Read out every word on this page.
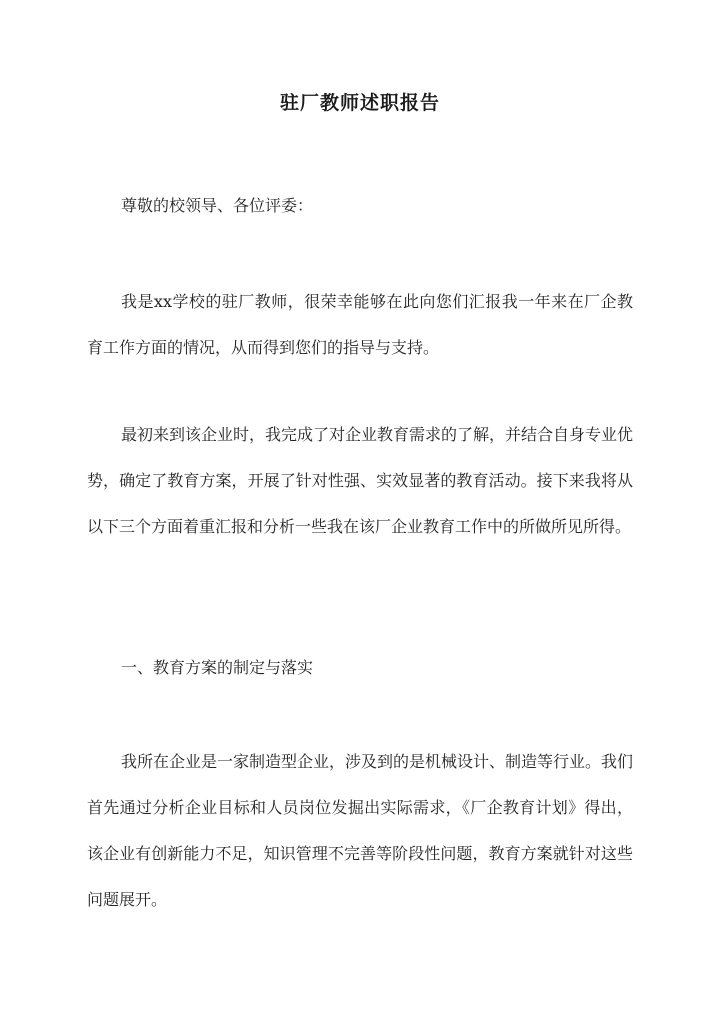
驻厂教师述职报告
尊敬的校领导、各位评委：
我是xx学校的驻厂教师，很荣幸能够在此向您们汇报我一年来在厂企教育工作方面的情况，从而得到您们的指导与支持。
最初来到该企业时，我完成了对企业教育需求的了解，并结合自身专业优势，确定了教育方案，开展了针对性强、实效显著的教育活动。接下来我将从以下三个方面着重汇报和分析一些我在该厂企业教育工作中的所做所见所得。
一、教育方案的制定与落实
我所在企业是一家制造型企业，涉及到的是机械设计、制造等行业。我们首先通过分析企业目标和人员岗位发掘出实际需求，《厂企教育计划》得出，该企业有创新能力不足，知识管理不完善等阶段性问题，教育方案就针对这些问题展开。
